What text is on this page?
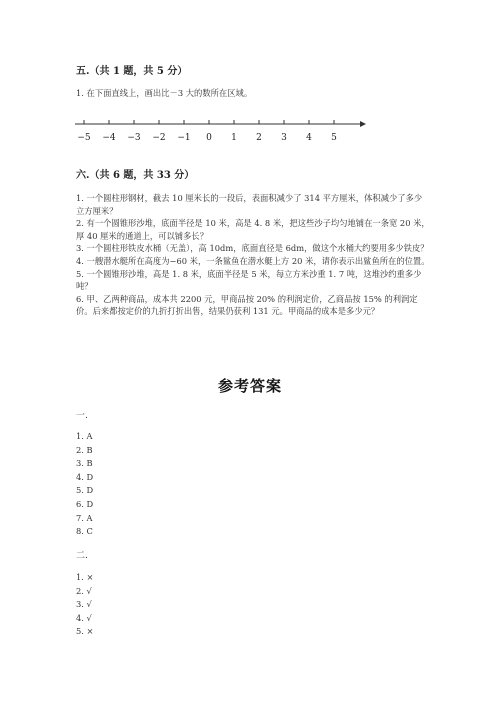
五.（共 1 题，共 5 分）
1. 在下面直线上，画出比－3 大的数所在区域。
−5 −4 −3 −2 −1 0 1 2 3 4 5
六.（共 6 题，共 33 分）

1. 一个圆柱形钢材，截去 10 厘米长的一段后，表面积减少了 314 平方厘米，体积减少了多少立方厘米？

2. 有一个圆锥形沙堆，底面半径是 10 米，高是 4. 8 米，把这些沙子均匀地铺在一条宽 20 米，厚 40 厘米的通道上，可以铺多长？

3. 一个圆柱形铁皮水桶（无盖），高 10dm，底面直径是 6dm，做这个水桶大约要用多少铁皮？

4. 一艘潜水艇所在高度为−60 米，一条鲨鱼在潜水艇上方 20 米，请你表示出鲨鱼所在的位置。

5. 一个圆锥形沙堆，高是 1. 8 米，底面半径是 5 米，每立方米沙重 1. 7 吨，这堆沙约重多少吨？

6. 甲、乙两种商品，成本共 2200 元，甲商品按 20% 的利润定价，乙商品按 15% 的利润定价。后来都按定价的九折打折出售，结果仍获利 131 元。甲商品的成本是多少元？

参考答案
一.
1. A
2. B
3. B
4. D
5. D
6. D
7. A
8. C
二.
1. ×
2. √
3. √
4. √
5. ×
